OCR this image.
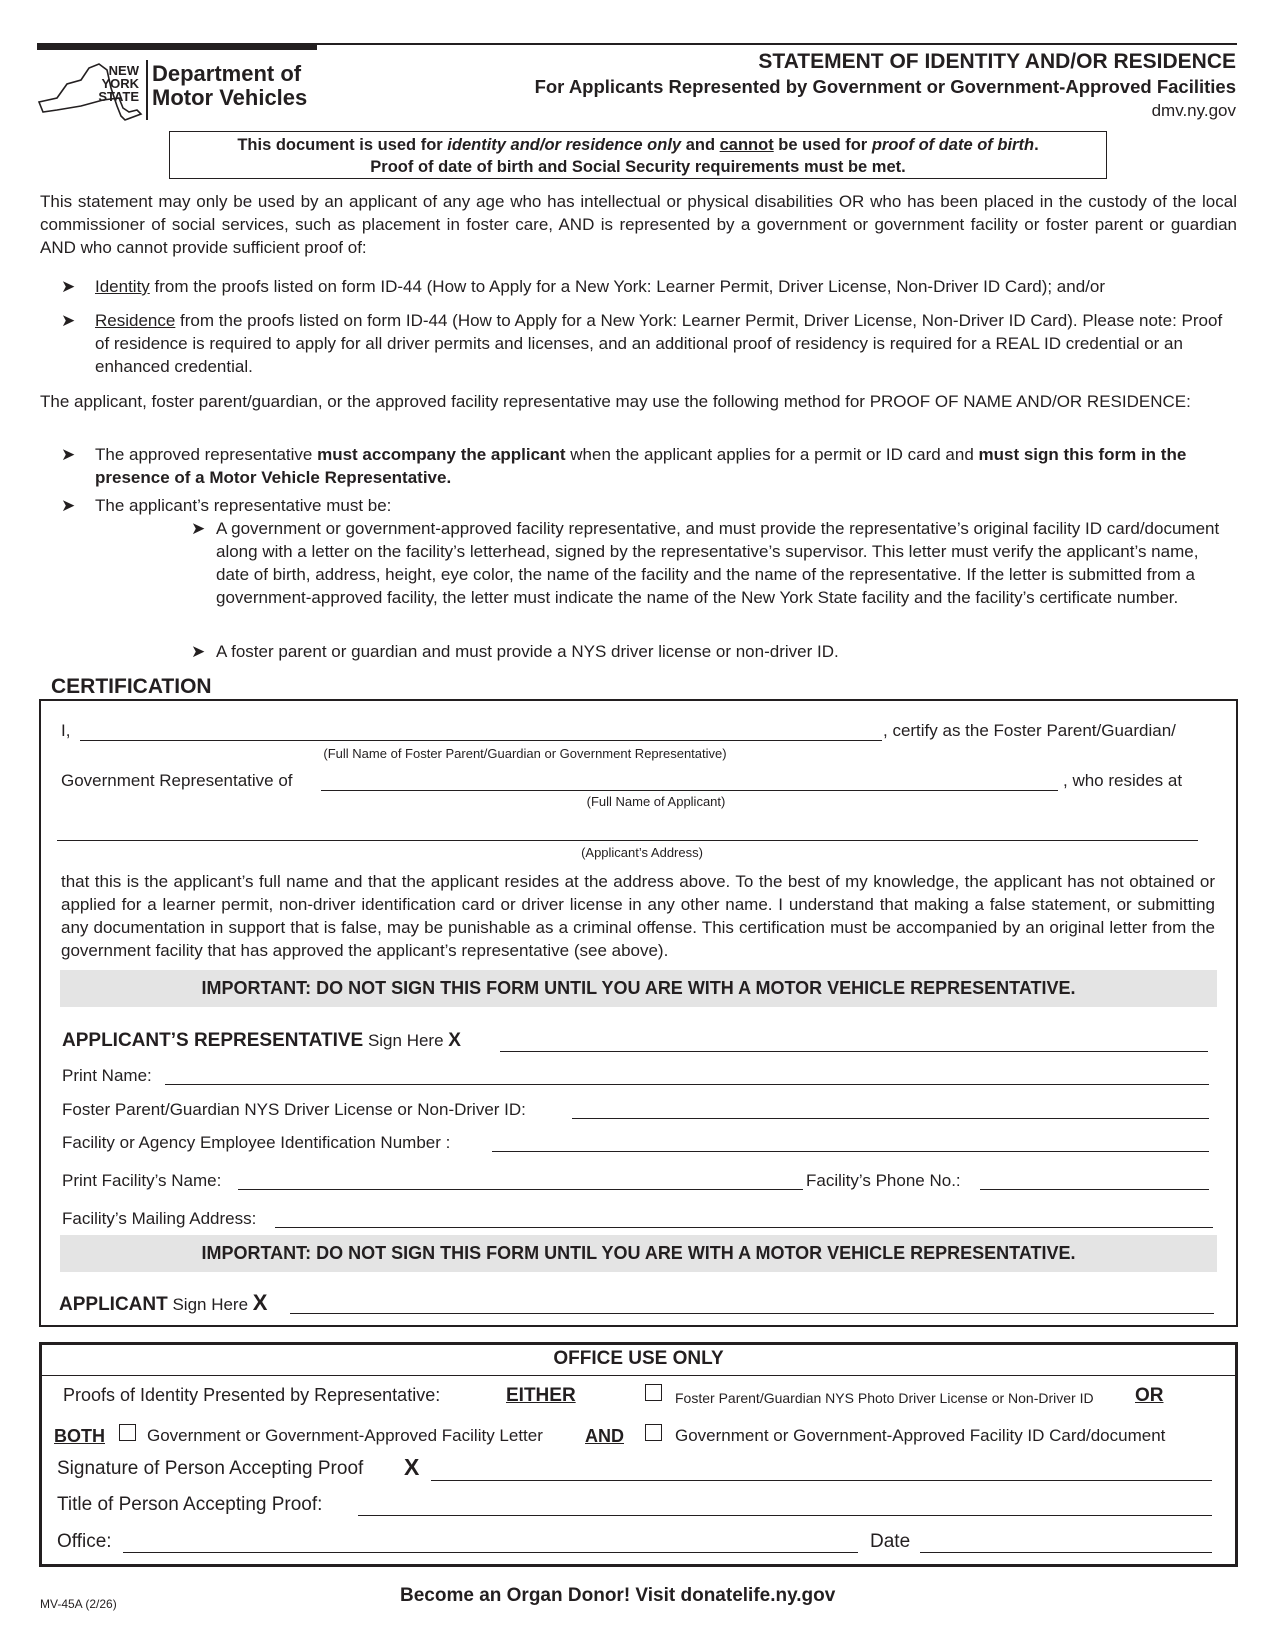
NEW
YORK
STATE
Department of
Motor Vehicles
STATEMENT OF IDENTITY AND/OR RESIDENCE
For Applicants Represented by Government or Government-Approved Facilities
dmv.ny.gov
This document is used for identity and/or residence only and cannot be used for proof of date of birth.
Proof of date of birth and Social Security requirements must be met.
This statement may only be used by an applicant of any age who has intellectual or physical disabilities OR who has been placed in the custody of the local commissioner of social services, such as placement in foster care, AND is represented by a government or government facility or foster parent or guardian AND who cannot provide sufficient proof of:
➤ Identity from the proofs listed on form ID-44 (How to Apply for a New York: Learner Permit, Driver License, Non-Driver ID Card); and/or
➤ Residence from the proofs listed on form ID-44 (How to Apply for a New York: Learner Permit, Driver License, Non-Driver ID Card). Please note: Proof of residence is required to apply for all driver permits and licenses, and an additional proof of residency is required for a REAL ID credential or an enhanced credential.
The applicant, foster parent/guardian, or the approved facility representative may use the following method for PROOF OF NAME AND/OR RESIDENCE:
➤ The approved representative must accompany the applicant when the applicant applies for a permit or ID card and must sign this form in the presence of a Motor Vehicle Representative.
➤ The applicant’s representative must be:
➤ A government or government-approved facility representative, and must provide the representative’s original facility ID card/document along with a letter on the facility’s letterhead, signed by the representative’s supervisor. This letter must verify the applicant’s name, date of birth, address, height, eye color, the name of the facility and the name of the representative. If the letter is submitted from a government-approved facility, the letter must indicate the name of the New York State facility and the facility’s certificate number.
➤ A foster parent or guardian and must provide a NYS driver license or non-driver ID.
CERTIFICATION
I,	, certify as the Foster Parent/Guardian/
(Full Name of Foster Parent/Guardian or Government Representative)
Government Representative of	, who resides at
(Full Name of Applicant)
(Applicant’s Address)
that this is the applicant’s full name and that the applicant resides at the address above. To the best of my knowledge, the applicant has not obtained or applied for a learner permit, non-driver identification card or driver license in any other name. I understand that making a false statement, or submitting any documentation in support that is false, may be punishable as a criminal offense. This certification must be accompanied by an original letter from the government facility that has approved the applicant’s representative (see above).
IMPORTANT: DO NOT SIGN THIS FORM UNTIL YOU ARE WITH A MOTOR VEHICLE REPRESENTATIVE.
APPLICANT’S REPRESENTATIVE Sign Here X
Print Name:
Foster Parent/Guardian NYS Driver License or Non-Driver ID:
Facility or Agency Employee Identification Number :
Print Facility’s Name:	Facility’s Phone No.:
Facility’s Mailing Address:
IMPORTANT: DO NOT SIGN THIS FORM UNTIL YOU ARE WITH A MOTOR VEHICLE REPRESENTATIVE.
APPLICANT Sign Here X
OFFICE USE ONLY
Proofs of Identity Presented by Representative:	EITHER	Foster Parent/Guardian NYS Photo Driver License or Non-Driver ID OR
BOTH Government or Government-Approved Facility Letter AND	Government or Government-Approved Facility ID Card/document
Signature of Person Accepting Proof X
Title of Person Accepting Proof:
Office:	Date
MV-45A (2/26)	Become an Organ Donor! Visit donatelife.ny.gov
